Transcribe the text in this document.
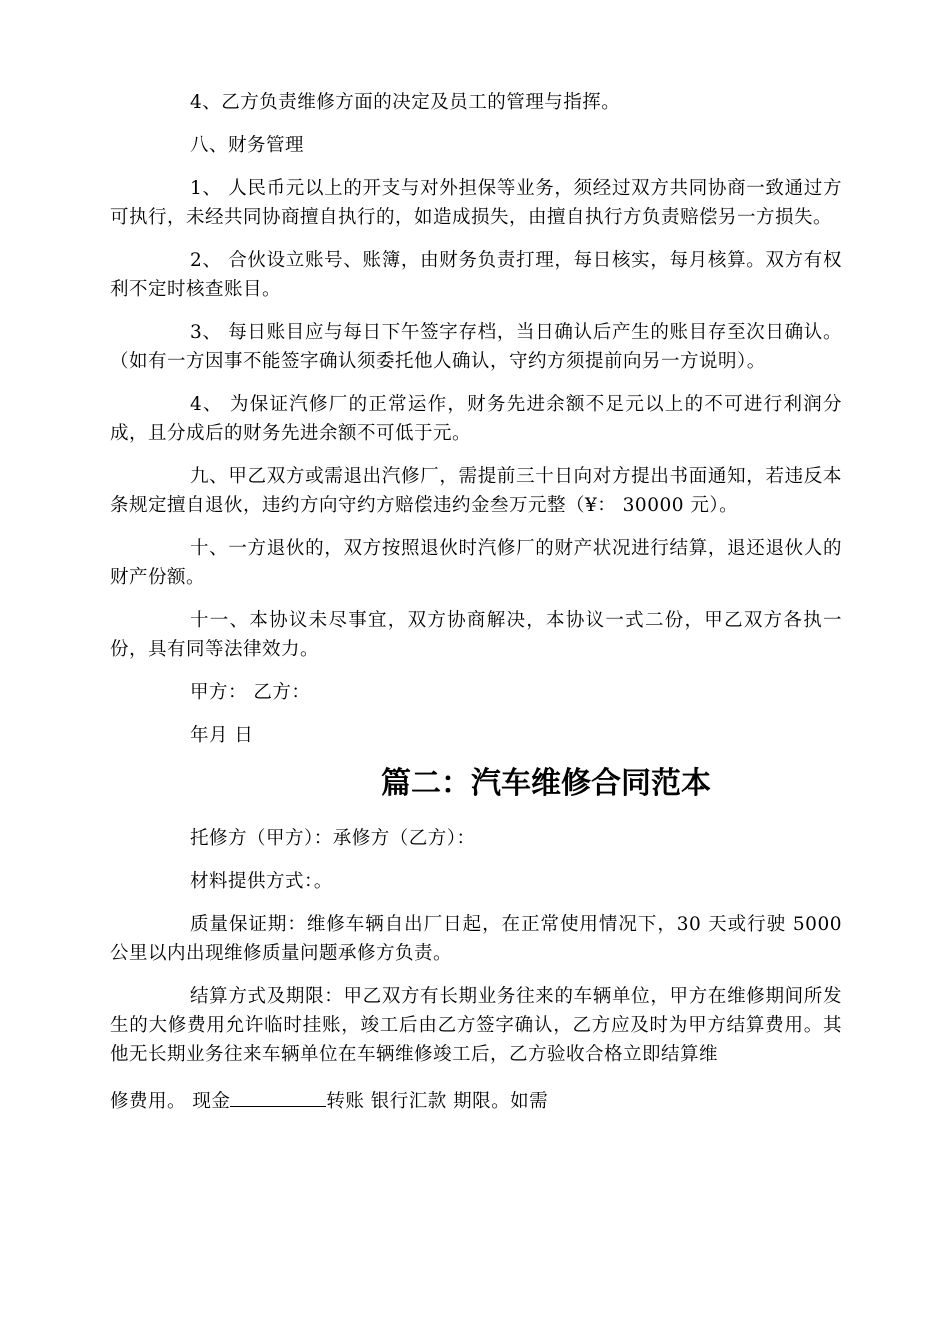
4、乙方负责维修方面的决定及员工的管理与指挥。

八、财务管理

1、 人民币元以上的开支与对外担保等业务，须经过双方共同协商一致通过方可执行，未经共同协商擅自执行的，如造成损失，由擅自执行方负责赔偿另一方损失。

2、 合伙设立账号、账簿，由财务负责打理，每日核实，每月核算。双方有权利不定时核查账目。

3、 每日账目应与每日下午签字存档，当日确认后产生的账目存至次日确认。（如有一方因事不能签字确认须委托他人确认，守约方须提前向另一方说明）。

4、 为保证汽修厂的正常运作，财务先进余额不足元以上的不可进行利润分成，且分成后的财务先进余额不可低于元。

九、甲乙双方或需退出汽修厂，需提前三十日向对方提出书面通知，若违反本条规定擅自退伙，违约方向守约方赔偿违约金叁万元整（¥： 30000 元）。

十、一方退伙的，双方按照退伙时汽修厂的财产状况进行结算，退还退伙人的财产份额。

十一、本协议未尽事宜，双方协商解决，本协议一式二份，甲乙双方各执一份，具有同等法律效力。

甲方： 乙方：

年月 日

篇二：汽车维修合同范本

托修方（甲方）：承修方（乙方）：

材料提供方式：。

质量保证期：维修车辆自出厂日起，在正常使用情况下，30 天或行驶 5000 公里以内出现维修质量问题承修方负责。

结算方式及期限：甲乙双方有长期业务往来的车辆单位，甲方在维修期间所发生的大修费用允许临时挂账，竣工后由乙方签字确认，乙方应及时为甲方结算费用。其他无长期业务往来车辆单位在车辆维修竣工后，乙方验收合格立即结算维

修费用。 现金	转账 银行汇款 期限。如需
